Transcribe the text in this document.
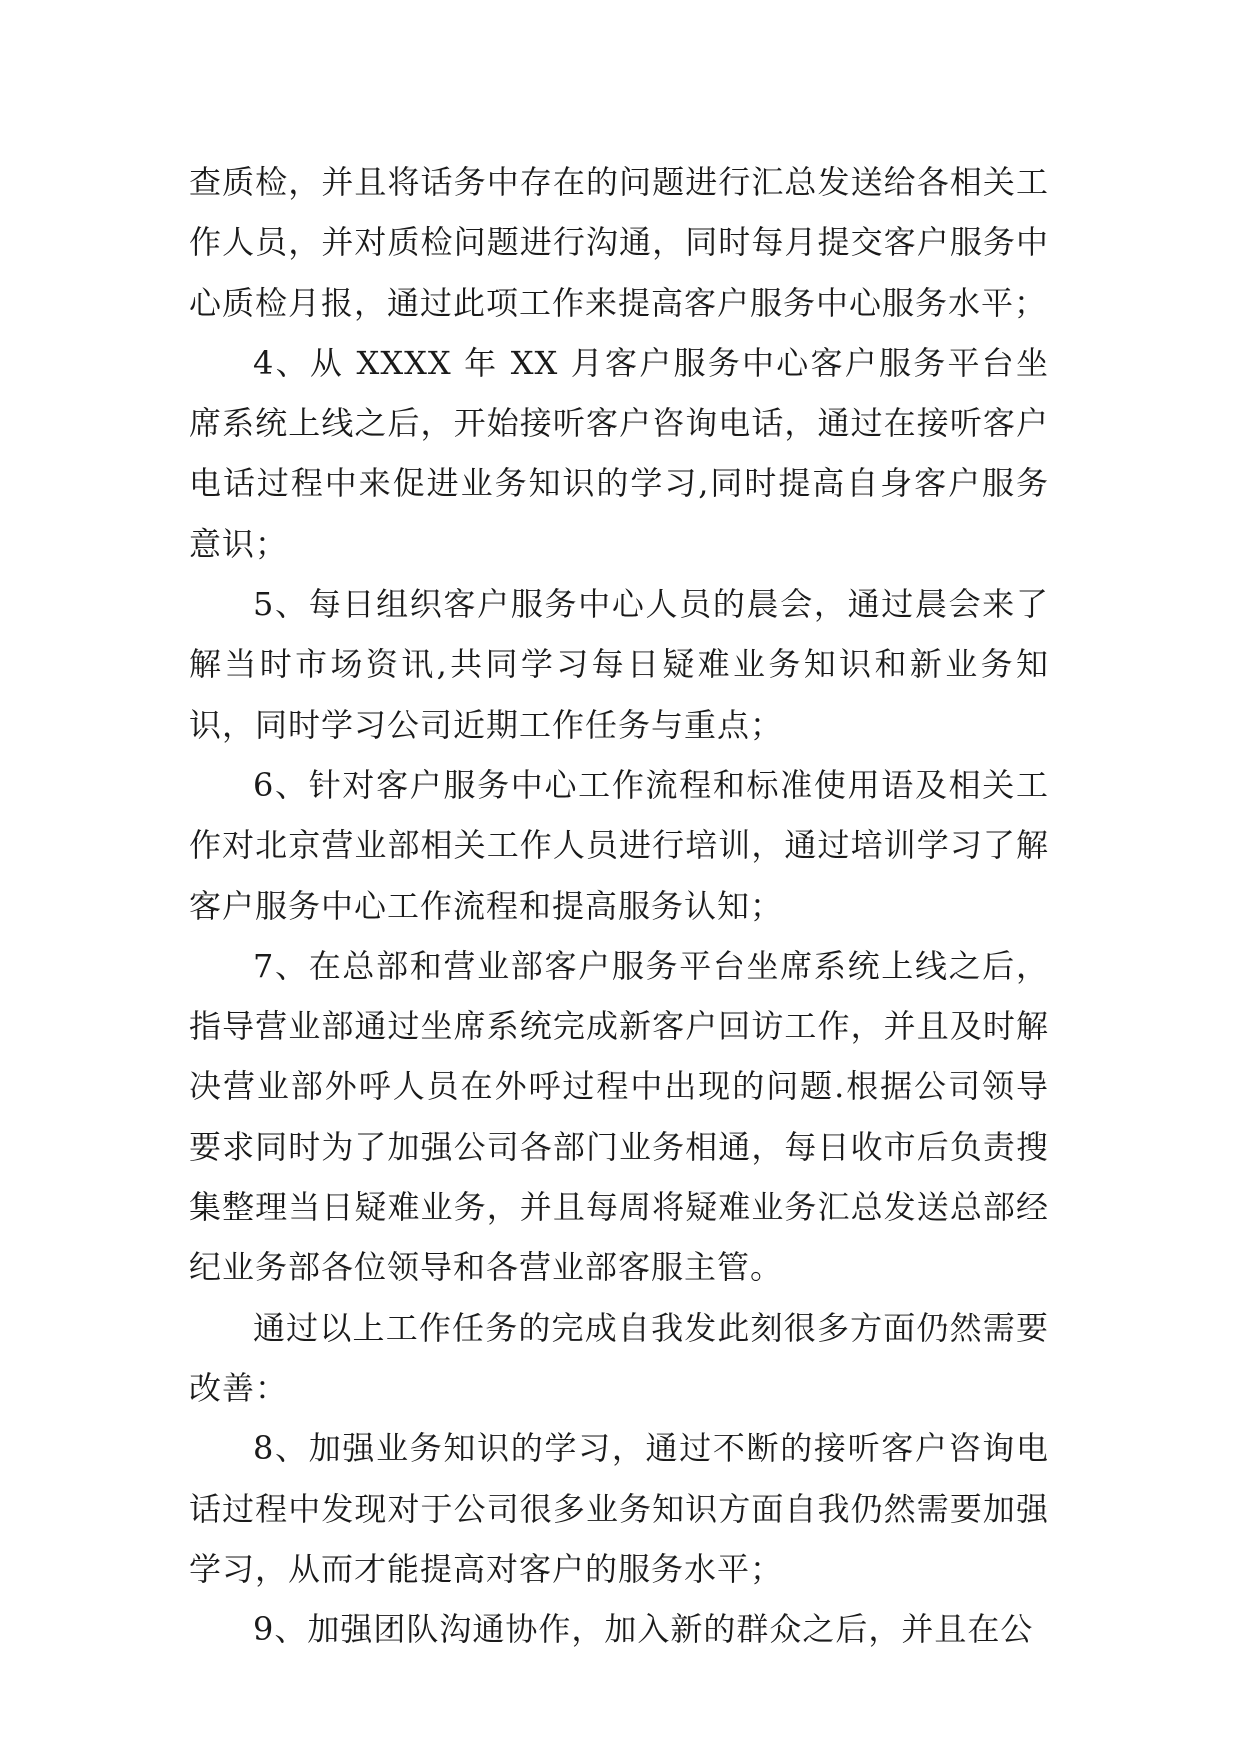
查质检，并且将话务中存在的问题进行汇总发送给各相关工作人员，并对质检问题进行沟通，同时每月提交客户服务中心质检月报，通过此项工作来提高客户服务中心服务水平；

4、从 XXXX 年 XX 月客户服务中心客户服务平台坐席系统上线之后，开始接听客户咨询电话，通过在接听客户电话过程中来促进业务知识的学习,同时提高自身客户服务意识；

5、每日组织客户服务中心人员的晨会，通过晨会来了解当时市场资讯,共同学习每日疑难业务知识和新业务知识，同时学习公司近期工作任务与重点；

6、针对客户服务中心工作流程和标准使用语及相关工作对北京营业部相关工作人员进行培训，通过培训学习了解客户服务中心工作流程和提高服务认知；

7、在总部和营业部客户服务平台坐席系统上线之后，指导营业部通过坐席系统完成新客户回访工作，并且及时解决营业部外呼人员在外呼过程中出现的问题.根据公司领导要求同时为了加强公司各部门业务相通，每日收市后负责搜集整理当日疑难业务，并且每周将疑难业务汇总发送总部经纪业务部各位领导和各营业部客服主管。

通过以上工作任务的完成自我发此刻很多方面仍然需要改善：

8、加强业务知识的学习，通过不断的接听客户咨询电话过程中发现对于公司很多业务知识方面自我仍然需要加强学习，从而才能提高对客户的服务水平；

9、加强团队沟通协作，加入新的群众之后，并且在公
